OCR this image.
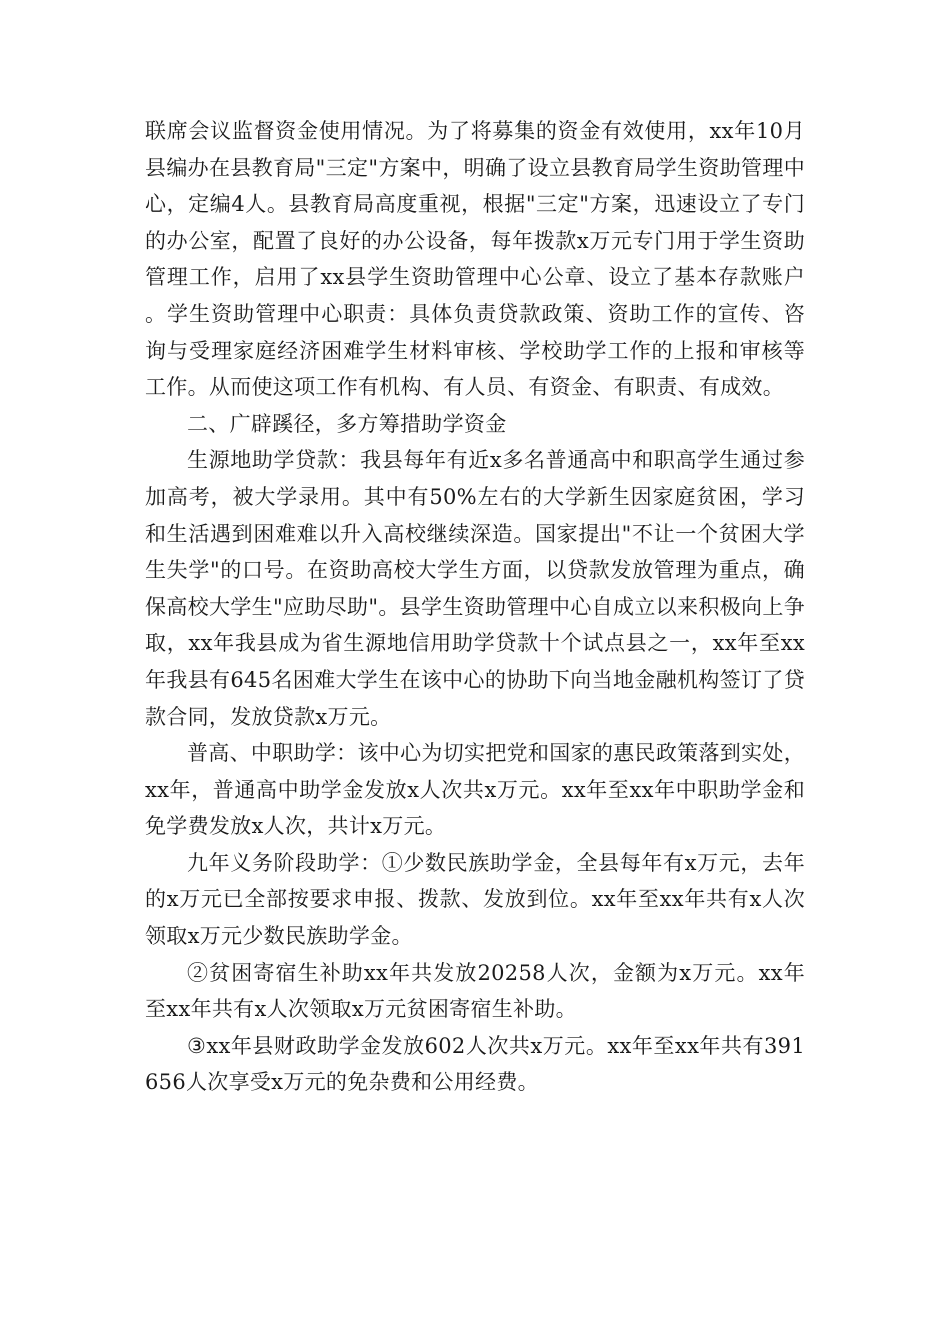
联席会议监督资金使用情况。为了将募集的资金有效使用，xx年10月县编办在县教育局"三定"方案中，明确了设立县教育局学生资助管理中心，定编4人。县教育局高度重视，根据"三定"方案，迅速设立了专门的办公室，配置了良好的办公设备，每年拨款x万元专门用于学生资助管理工作，启用了xx县学生资助管理中心公章、设立了基本存款账户。学生资助管理中心职责：具体负责贷款政策、资助工作的宣传、咨询与受理家庭经济困难学生材料审核、学校助学工作的上报和审核等工作。从而使这项工作有机构、有人员、有资金、有职责、有成效。

二、广辟蹊径，多方筹措助学资金

生源地助学贷款：我县每年有近x多名普通高中和职高学生通过参加高考，被大学录用。其中有50%左右的大学新生因家庭贫困，学习和生活遇到困难难以升入高校继续深造。国家提出"不让一个贫困大学生失学"的口号。在资助高校大学生方面，以贷款发放管理为重点，确保高校大学生"应助尽助"。县学生资助管理中心自成立以来积极向上争取，xx年我县成为省生源地信用助学贷款十个试点县之一，xx年至xx年我县有645名困难大学生在该中心的协助下向当地金融机构签订了贷款合同，发放贷款x万元。

普高、中职助学：该中心为切实把党和国家的惠民政策落到实处， xx年，普通高中助学金发放x人次共x万元。xx年至xx年中职助学金和免学费发放x人次，共计x万元。

九年义务阶段助学：①少数民族助学金，全县每年有x万元，去年的x万元已全部按要求申报、拨款、发放到位。xx年至xx年共有x人次领取x万元少数民族助学金。

②贫困寄宿生补助xx年共发放20258人次，金额为x万元。xx年至xx年共有x人次领取x万元贫困寄宿生补助。

③xx年县财政助学金发放602人次共x万元。xx年至xx年共有391656人次享受x万元的免杂费和公用经费。
